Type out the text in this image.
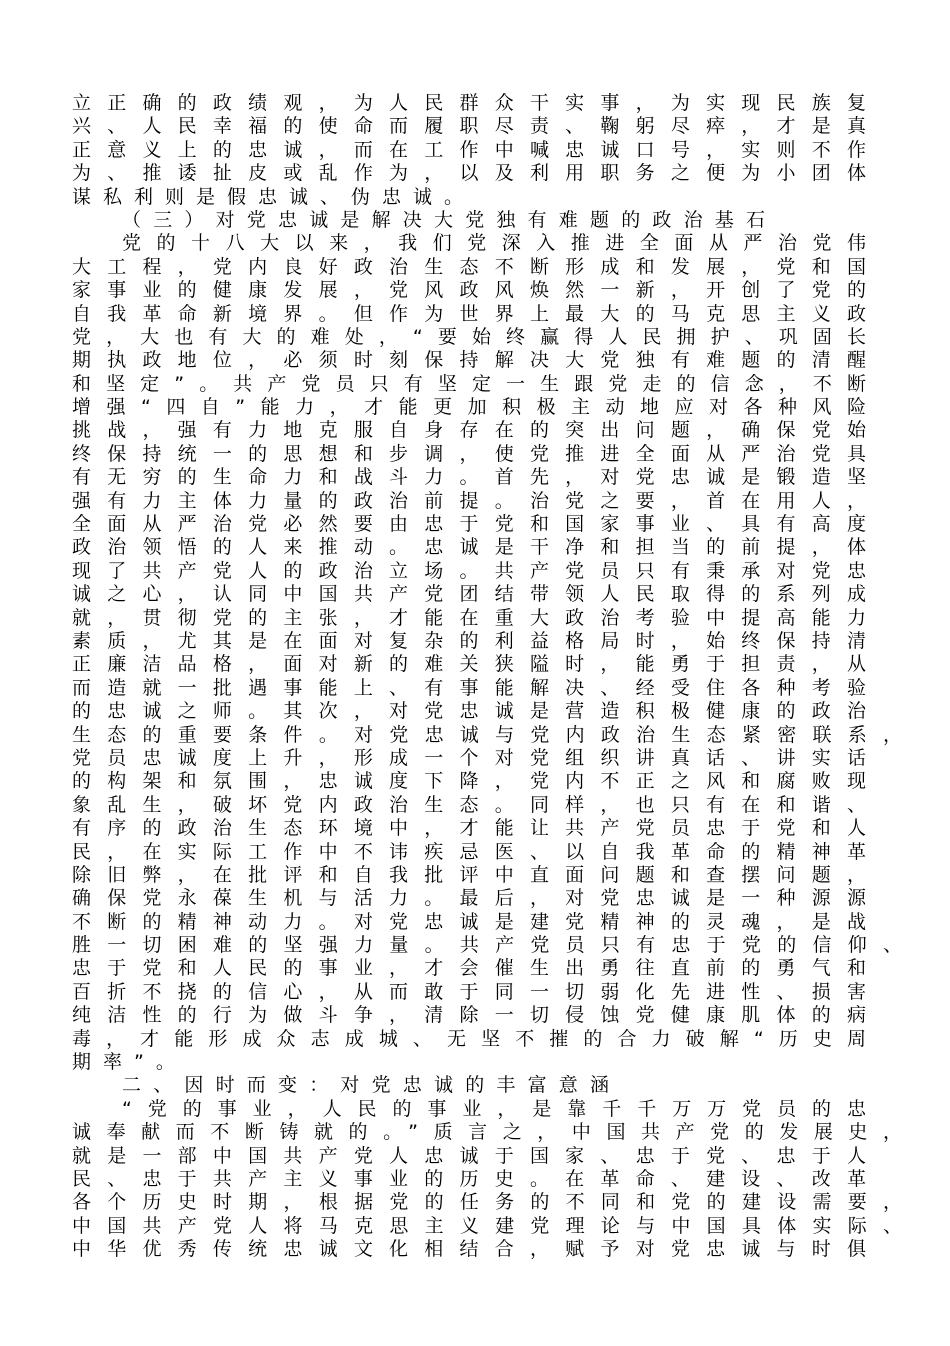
立正确的政绩观，为人民群众干实事，为实现民族复
兴、人民幸福的使命而履职尽责、鞠躬尽瘁，才是真
正意义上的忠诚，而在工作中喊忠诚口号，实则不作
为、推诿扯皮或乱作为，以及利用职务之便为小团体
谋私利则是假忠诚、伪忠诚。
（三）对党忠诚是解决大党独有难题的政治基石
党的十八大以来，我们党深入推进全面从严治党伟
大工程，党内良好政治生态不断形成和发展，党和国
家事业的健康发展，党风政风焕然一新，开创了党的
自我革命新境界。但作为世界上最大的马克思主义政
党，大也有大的难处，“要始终赢得人民拥护、巩固长
期执政地位，必须时刻保持解决大党独有难题的清醒
和坚定”。共产党员只有坚定一生跟党走的信念，不断
增强“四自”能力，才能更加积极主动地应对各种风险
挑战，强有力地克服自身存在的突出问题，确保党始
终保持统一的思想和步调，使党推进全面从严治党具
有无穷的生命力和战斗力。首先，对党忠诚是锻造坚
强有力主体力量的政治前提。治党之要，首在用人，
全面从严治党必然要由忠于党和国家事业、具有高度
政治领悟的人来推动。忠诚是干净和担当的前提，体
现了共产党人的政治立场。共产党员只有秉承对党忠
诚之心，认同中国共产党团结带领人民取得的系列成
就，贯彻党的主张，才能在重大政治考验中提高能力
素质，尤其是在面对复杂的利益格局时，始终保持清
正廉洁品格，面对新的难关狭隘时，能勇于担责，从
而造就一批遇事能上、有事能解决、经受住各种考验
的忠诚之师。其次，对党忠诚是营造积极健康的政治
生态的重要条件。对党忠诚与党内政治生态紧密联系，
党员忠诚度上升，形成一个对党组织讲真话、讲实话
的构架和氛围，忠诚度下降，党内不正之风和腐败现
象乱生，破坏党内政治生态。同样，也只有在和谐、
有序的政治生态环境中，才能让共产党员忠于党和人
民，在实际工作中不讳疾忌医、以自我革命的精神革
除旧弊，在批评和自我批评中直面问题和查摆问题，
确保党永葆生机与活力。最后，对党忠诚是一种源源
不断的精神动力。对党忠诚是建党精神的灵魂，是战
胜一切困难的坚强力量。共产党员只有忠于党的信仰、
忠于党和人民的事业，才会催生出勇往直前的勇气和
百折不挠的信心，从而敢于同一切弱化先进性、损害
纯洁性的行为做斗争，清除一切侵蚀党健康肌体的病
毒，才能形成众志成城、无坚不摧的合力破解“历史周
期率”。
二、因时而变：对党忠诚的丰富意涵
“党的事业，人民的事业，是靠千千万万党员的忠
诚奉献而不断铸就的。”质言之，中国共产党的发展史，
就是一部中国共产党人忠诚于国家、忠于党、忠于人
民、忠于共产主义事业的历史。在革命、建设、改革
各个历史时期，根据党的任务的不同和党的建设需要，
中国共产党人将马克思主义建党理论与中国具体实际、
中华优秀传统忠诚文化相结合，赋予对党忠诚与时俱
